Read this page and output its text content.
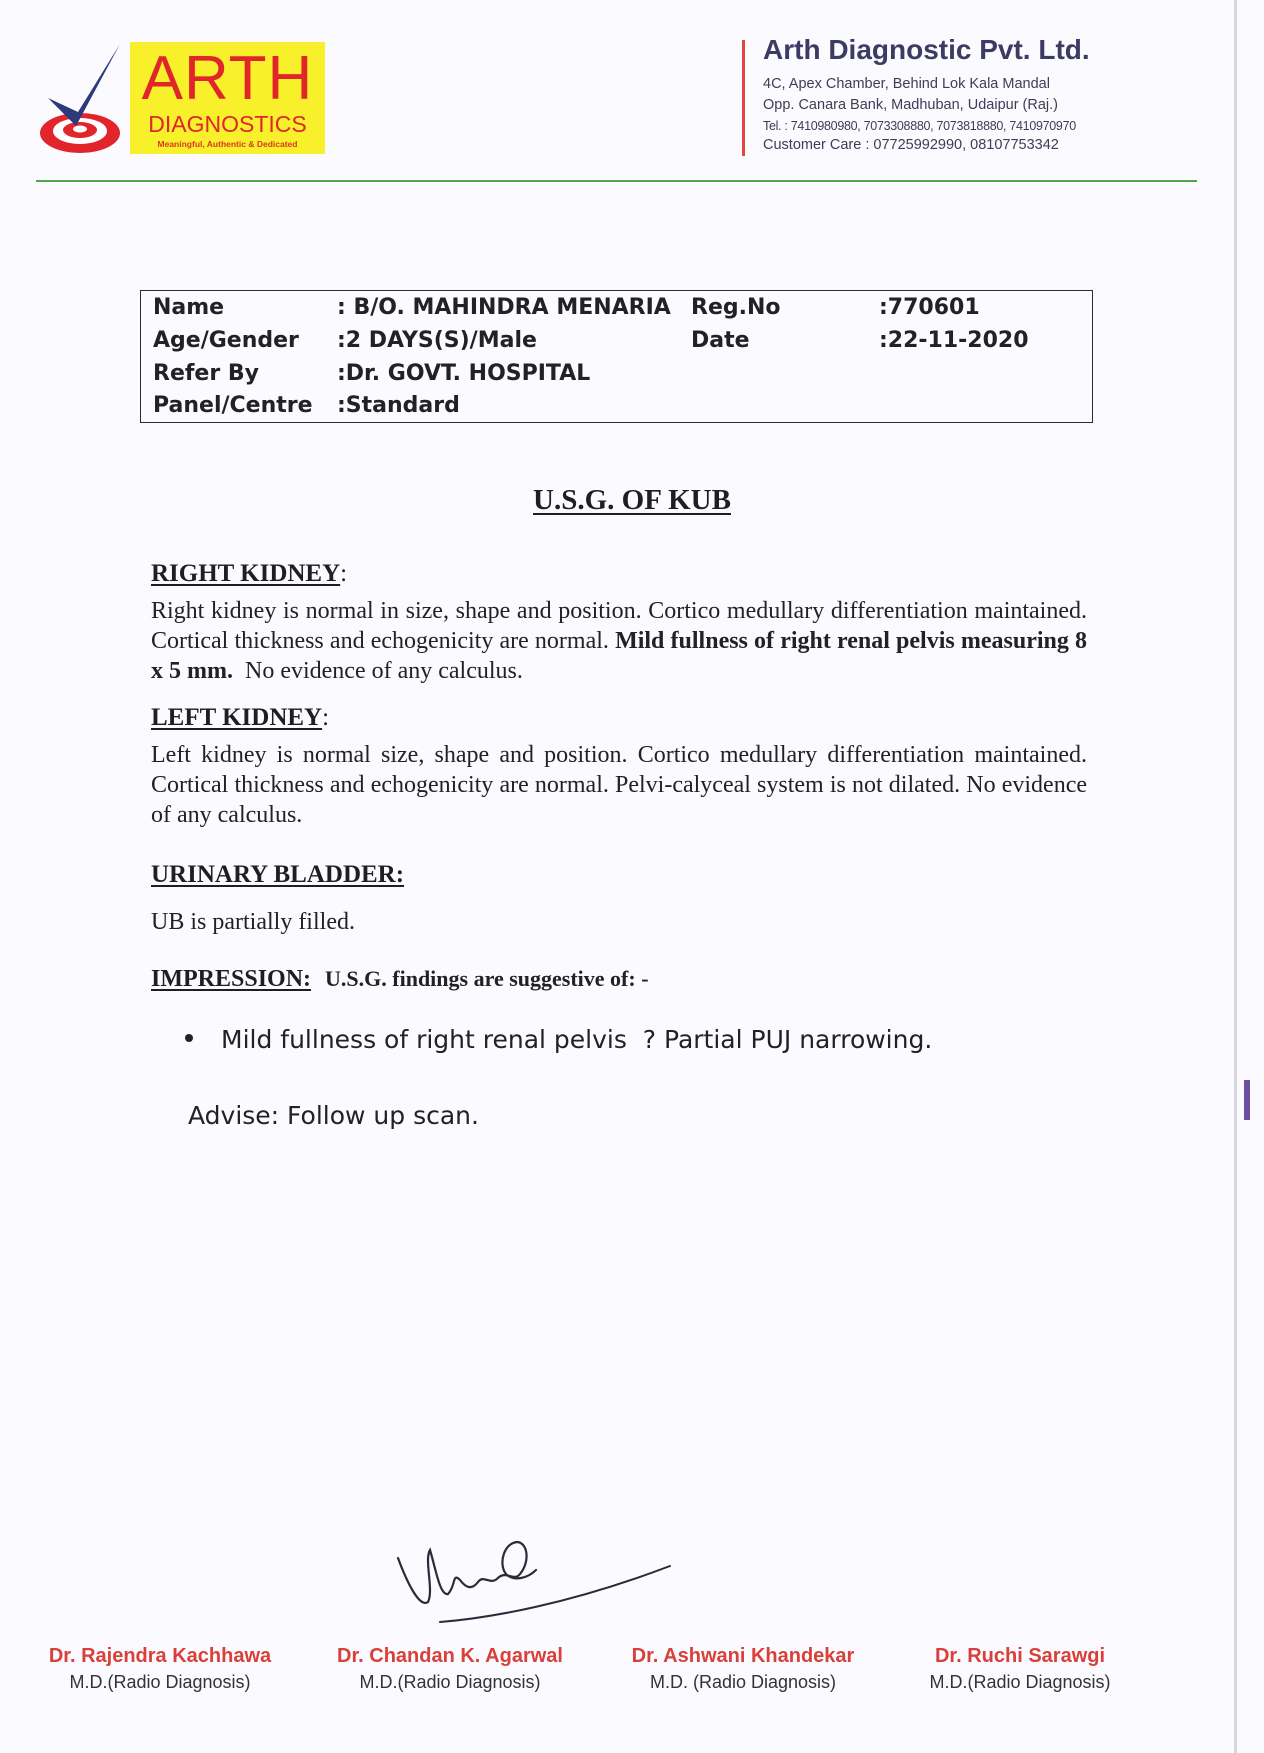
ARTH
DIAGNOSTICS
Meaningful, Authentic & Dedicated
Arth Diagnostic Pvt. Ltd.
4C, Apex Chamber, Behind Lok Kala Mandal
Opp. Canara Bank, Madhuban, Udaipur (Raj.)
Tel. : 7410980980, 7073308880, 7073818880, 7410970970
Customer Care : 07725992990, 08107753342
Name	: B/O. MAHINDRA MENARIA Reg.No	:770601
Age/Gender :2 DAYS(S)/Male	Date	:22-11-2020
Refer By	:Dr. GOVT. HOSPITAL
Panel/Centre :Standard
U.S.G. OF KUB
RIGHT KIDNEY:
Right kidney is normal in size, shape and position. Cortico medullary differentiation maintained. Cortical thickness and echogenicity are normal. Mild fullness of right renal pelvis measuring 8 x 5 mm.  No evidence of any calculus.
LEFT KIDNEY:
Left kidney is normal size, shape and position. Cortico medullary differentiation maintained. Cortical thickness and echogenicity are normal. Pelvi-calyceal system is not dilated. No evidence of any calculus.
URINARY BLADDER:
UB is partially filled.
IMPRESSION: U.S.G. findings are suggestive of: -
Mild fullness of right renal pelvis  ? Partial PUJ narrowing.
Advise: Follow up scan.
Dr. Rajendra Kachhawa
M.D.(Radio Diagnosis)
Dr. Chandan K. Agarwal
M.D.(Radio Diagnosis)
Dr. Ashwani Khandekar
M.D. (Radio Diagnosis)
Dr. Ruchi Sarawgi
M.D.(Radio Diagnosis)
